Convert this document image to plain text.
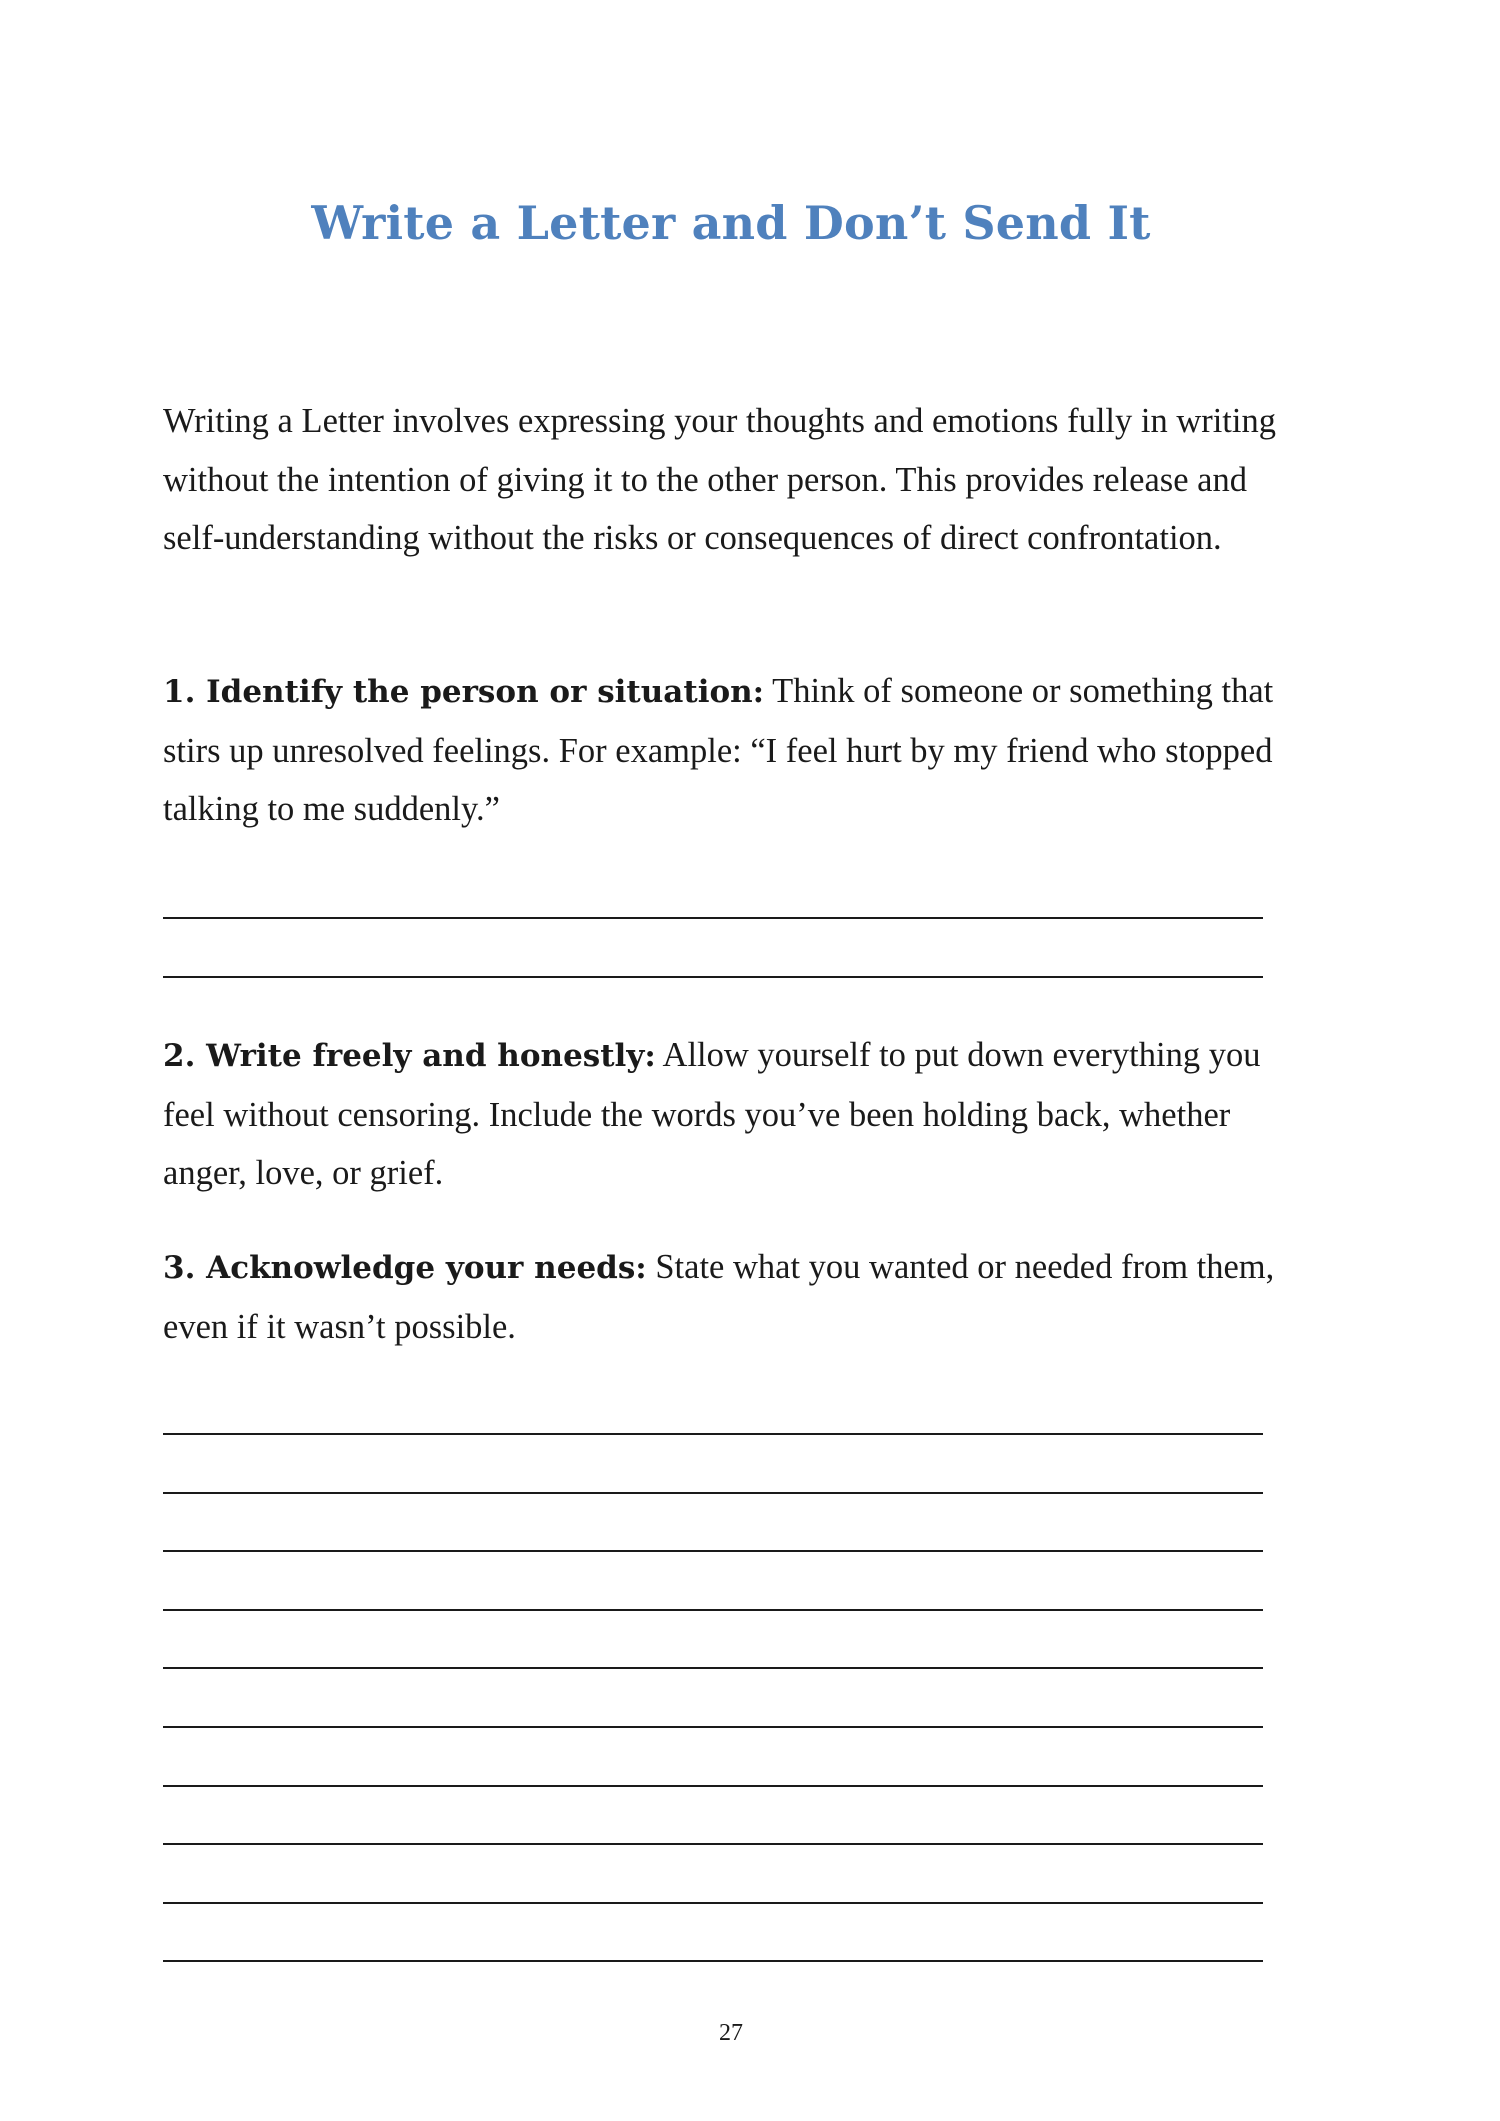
Write a Letter and Don’t Send It

Writing a Letter involves expressing your thoughts and emotions fully in writing without the intention of giving it to the other person. This provides release and self-understanding without the risks or consequences of direct confrontation.

1. Identify the person or situation: Think of someone or something that stirs up unresolved feelings. For example: “I feel hurt by my friend who stopped talking to me suddenly.”

2. Write freely and honestly: Allow yourself to put down everything you feel without censoring. Include the words you’ve been holding back, whether anger, love, or grief.

3. Acknowledge your needs: State what you wanted or needed from them, even if it wasn’t possible.

27
